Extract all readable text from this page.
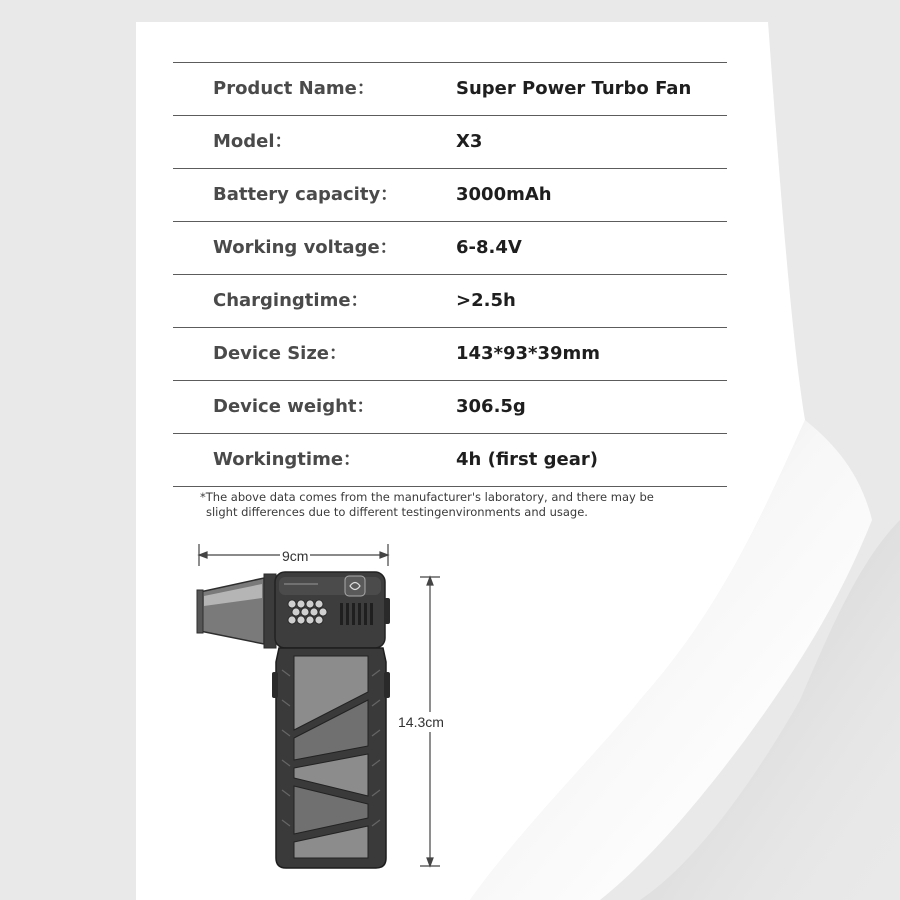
Product Name：	Super Power Turbo Fan
Model：	X3
Battery capacity：	3000mAh
Working voltage：	6-8.4V
Chargingtime：	>2.5h
Device Size：	143*93*39mm
Device weight：	306.5g
Workingtime：	4h (first gear)
*The above data comes from the manufacturer's laboratory, and there may be
slight differences due to different testingenvironments and usage.
9cm
14.3cm
